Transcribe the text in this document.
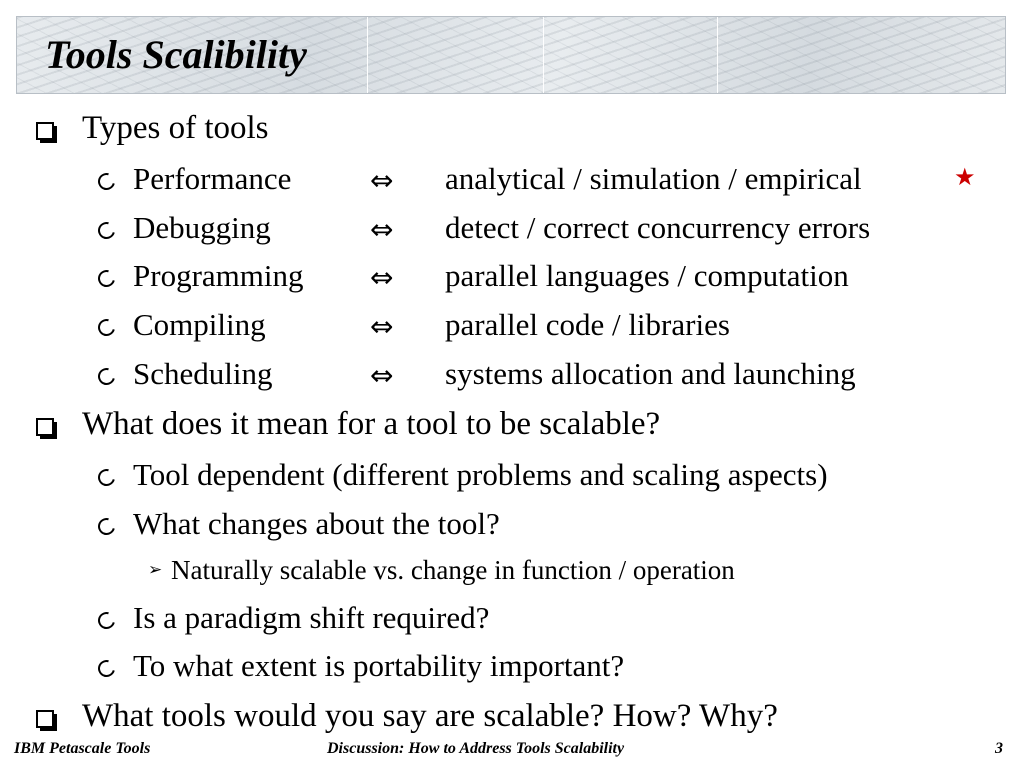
Tools Scalibility
Types of tools
Performance	⇔ analytical / simulation / empirical	★
Debugging	⇔ detect / correct concurrency errors
Programming ⇔ parallel languages / computation
Compiling	⇔ parallel code / libraries
Scheduling	⇔ systems allocation and launching
What does it mean for a tool to be scalable?
Tool dependent (different problems and scaling aspects)
What changes about the tool?
➢ Naturally scalable vs. change in function / operation
Is a paradigm shift required?
To what extent is portability important?
What tools would you say are scalable? How? Why?
IBM Petascale Tools	Discussion: How to Address Tools Scalability	3
